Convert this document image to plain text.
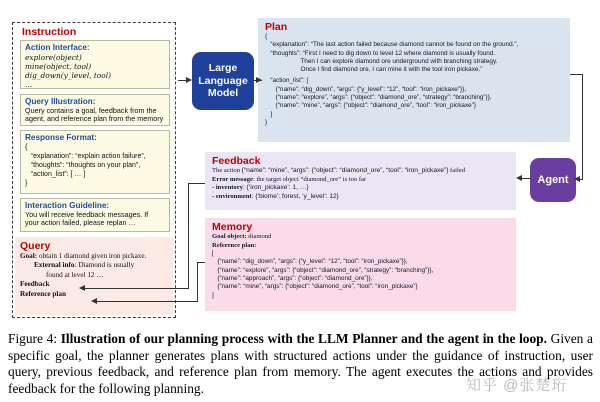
Instruction
Action Interface:
explore(object)
mine(object, tool)
dig_down(y_level, tool)
...
Query Illustration:
Query contains a goal, feedback from the
agent, and reference plan from the memory
Response Format:
{
“explanation”: “explain action failure”,
“thoughts”: “thoughts on your plan”,
“action_list”: [ … ]
}
Interaction Guideline:
You will receive feedback messages. If
your action failed, please replan …
Query
Goal: obtain 1 diamond given iron pickaxe.
External info: Diamond is usually
found at level 12 …
Feedback
Reference plan
Large Language Model
Plan
{
“explanation”: “The last action failed because diamond cannot be found on the ground.”,
“thoughts”: “First I need to dig down to level 12 where diamond is usually found.
Then I can explore diamond ore underground with branching strategy.
Once I find diamond ore, I can mine it with the tool iron pickaxe.”
“action_list”: [
{“name”: “dig_down”, “args”: {“y_level”: “12”, “tool”: “iron_pickaxe”}},
{“name”: “explore”, “args”: {“object”: “diamond_ore”, “strategy”: “branching”}},
{“name”: “mine”, “args”: {“object”: “diamond_ore”, “tool”: “iron_pickaxe”}
]
}
Feedback
The action {“name”: “mine”, “args”: {“object”: “diamond_ore”, “tool”: “iron_pickaxe”} failed
Error message: the target object “diamond_ore” is too far
- inventory: {‘iron_pickaxe’: 1, …}
- environment: {‘biome’: forest, ‘y_level’: 12}
Memory
Goal object: diamond
Reference plan:
[
{“name”: “dig_down”, “args”: {“y_level”: “12”, “tool”: “iron_pickaxe”}},
{“name”: “explore”, “args”: {“object”: “diamond_ore”, “strategy”: “branching”}},
{“name”: “approach”, “args”: {“object”: “diamond_ore”}},
{“name”: “mine”, “args”: {“object”: “diamond_ore”, “tool”: “iron_pickaxe”}
]
Agent
Figure 4: Illustration of our planning process with the LLM Planner and the agent in the loop. Given a specific goal, the planner generates plans with structured actions under the guidance of instruction, user query, previous feedback, and reference plan from memory. The agent executes the actions and provides feedback for the following planning.	知乎 @张楚珩
